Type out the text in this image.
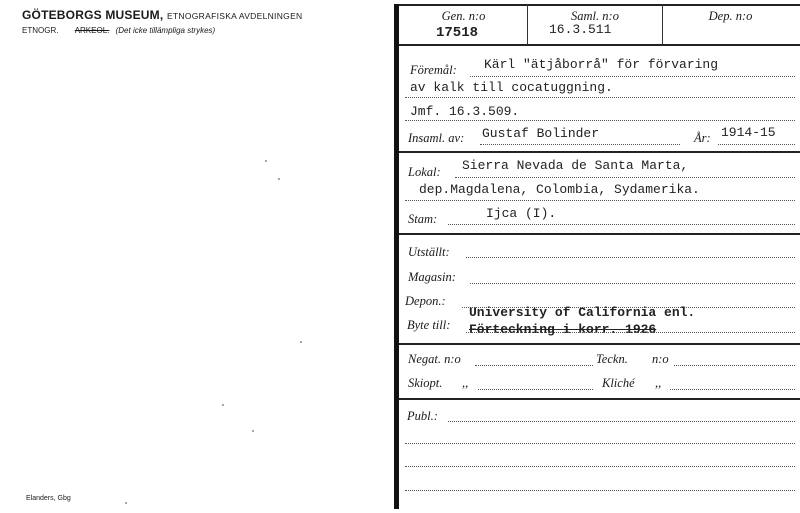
GÖTEBORGS MUSEUM, ETNOGRAFISKA AVDELNINGEN
ETNOGR. ARKEOL. (Det icke tillämpliga strykes)
Elanders, Gbg
Gen. n:o
17518
Saml. n:o
16.3.511
Dep. n:o
Föremål: Kärl "ätjåborrå" för förvaring
av kalk till cocatuggning.
Jmf. 16.3.509.
Insaml. av: Gustaf Bolinder	År: 1914-15
Lokal: Sierra Nevada de Santa Marta,
dep.Magdalena, Colombia, Sydamerika.
Stam:	Ijca (I).
Utställt:
Magasin:
Depon.:
Byte till:
University of California enl.
Förteckning i korr. 1926
Negat. n:o	Teckn. n:o
Skiopt. ,,	Kliché ,,
Publ.:
